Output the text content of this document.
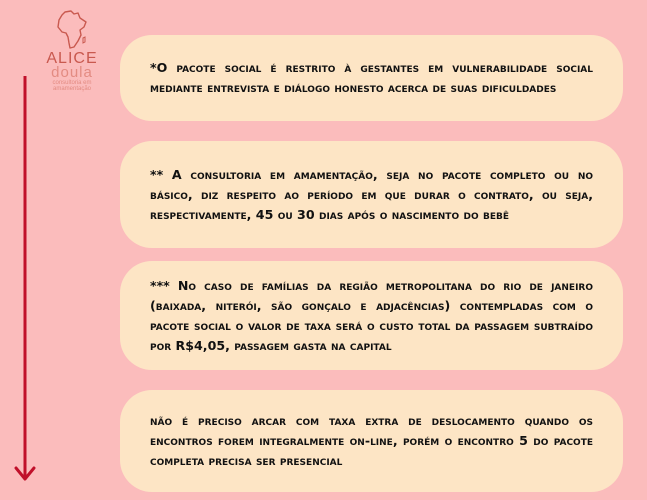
ALICE
doula
consultoria em amamentação

*O pacote social é restrito à gestantes em vulnerabilidade social mediante entrevista e diálogo honesto acerca de suas dificuldades

** A consultoria em amamentação, seja no pacote completo ou no básico, diz respeito ao período em que durar o contrato, ou seja, respectivamente, 45 ou 30 dias após o nascimento do bebê

*** No caso de famílias da região metropolitana do rio de janeiro (baixada, niterói, são gonçalo e adjacências) contempladas com o pacote social o valor de taxa será o custo total da passagem subtraído por R$4,05, passagem gasta na capital

não é preciso arcar com taxa extra de deslocamento quando os encontros forem integralmente on-line, porém o encontro 5 do pacote completa precisa ser presencial
